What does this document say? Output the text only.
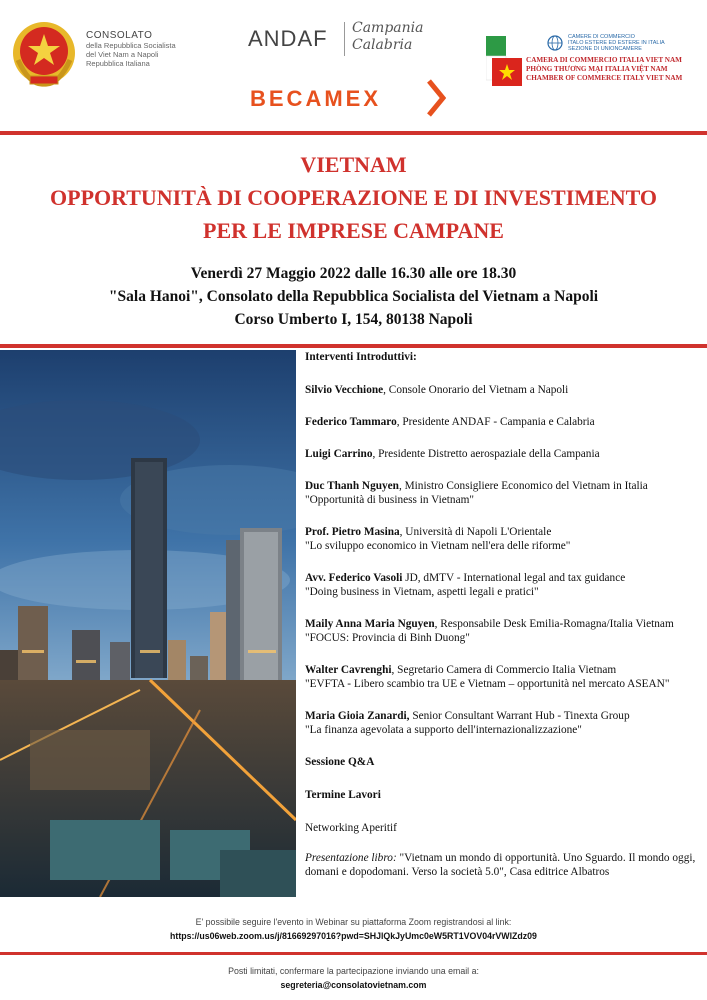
CONSOLATO
della Repubblica Socialista
del Viet Nam a Napoli
Repubblica Italiana
ANDAF Campania
Calabria
BECAMEX
CAMERE DI COMMERCIO
ITALO ESTERE ED ESTERE IN ITALIA
SEZIONE DI UNIONCAMERE
CAMERA DI COMMERCIO ITALIA VIET NAM
PHÒNG THƯƠNG MẠI ITALIA VIỆT NAM
CHAMBER OF COMMERCE ITALY VIET NAM
VIETNAM
OPPORTUNITÀ DI COOPERAZIONE E DI INVESTIMENTO
PER LE IMPRESE CAMPANE
Venerdì 27 Maggio 2022 dalle 16.30 alle ore 18.30
"Sala Hanoi", Consolato della Repubblica Socialista del Vietnam a Napoli
Corso Umberto I, 154, 80138 Napoli
Interventi Introduttivi:
Silvio Vecchione, Console Onorario del Vietnam a Napoli
Federico Tammaro, Presidente ANDAF - Campania e Calabria
Luigi Carrino, Presidente Distretto aerospaziale della Campania
Duc Thanh Nguyen, Ministro Consigliere Economico del Vietnam in Italia
"Opportunità di business in Vietnam"
Prof. Pietro Masina, Università di Napoli L'Orientale
"Lo sviluppo economico in Vietnam nell'era delle riforme"
Avv. Federico Vasoli JD, dMTV - International legal and tax guidance
"Doing business in Vietnam, aspetti legali e pratici"
Maily Anna Maria Nguyen, Responsabile Desk Emilia-Romagna/Italia Vietnam
"FOCUS: Provincia di Binh Duong"
Walter Cavrenghi, Segretario Camera di Commercio Italia Vietnam
"EVFTA - Libero scambio tra UE e Vietnam – opportunità nel mercato ASEAN"
Maria Gioia Zanardi, Senior Consultant Warrant Hub - Tinexta Group
"La finanza agevolata a supporto dell'internazionalizzazione"
Sessione Q&A
Termine Lavori
Networking Aperitif
Presentazione libro: "Vietnam un mondo di opportunità. Uno Sguardo. Il mondo oggi, domani e dopodomani. Verso la società 5.0", Casa editrice Albatros
E' possibile seguire l'evento in Webinar su piattaforma Zoom registrandosi al link:
https://us06web.zoom.us/j/81669297016?pwd=SHJlQkJyUmc0eW5RT1VOV04rVWlZdz09
Posti limitati, confermare la partecipazione inviando una email a:
segreteria@consolatovietnam.com
